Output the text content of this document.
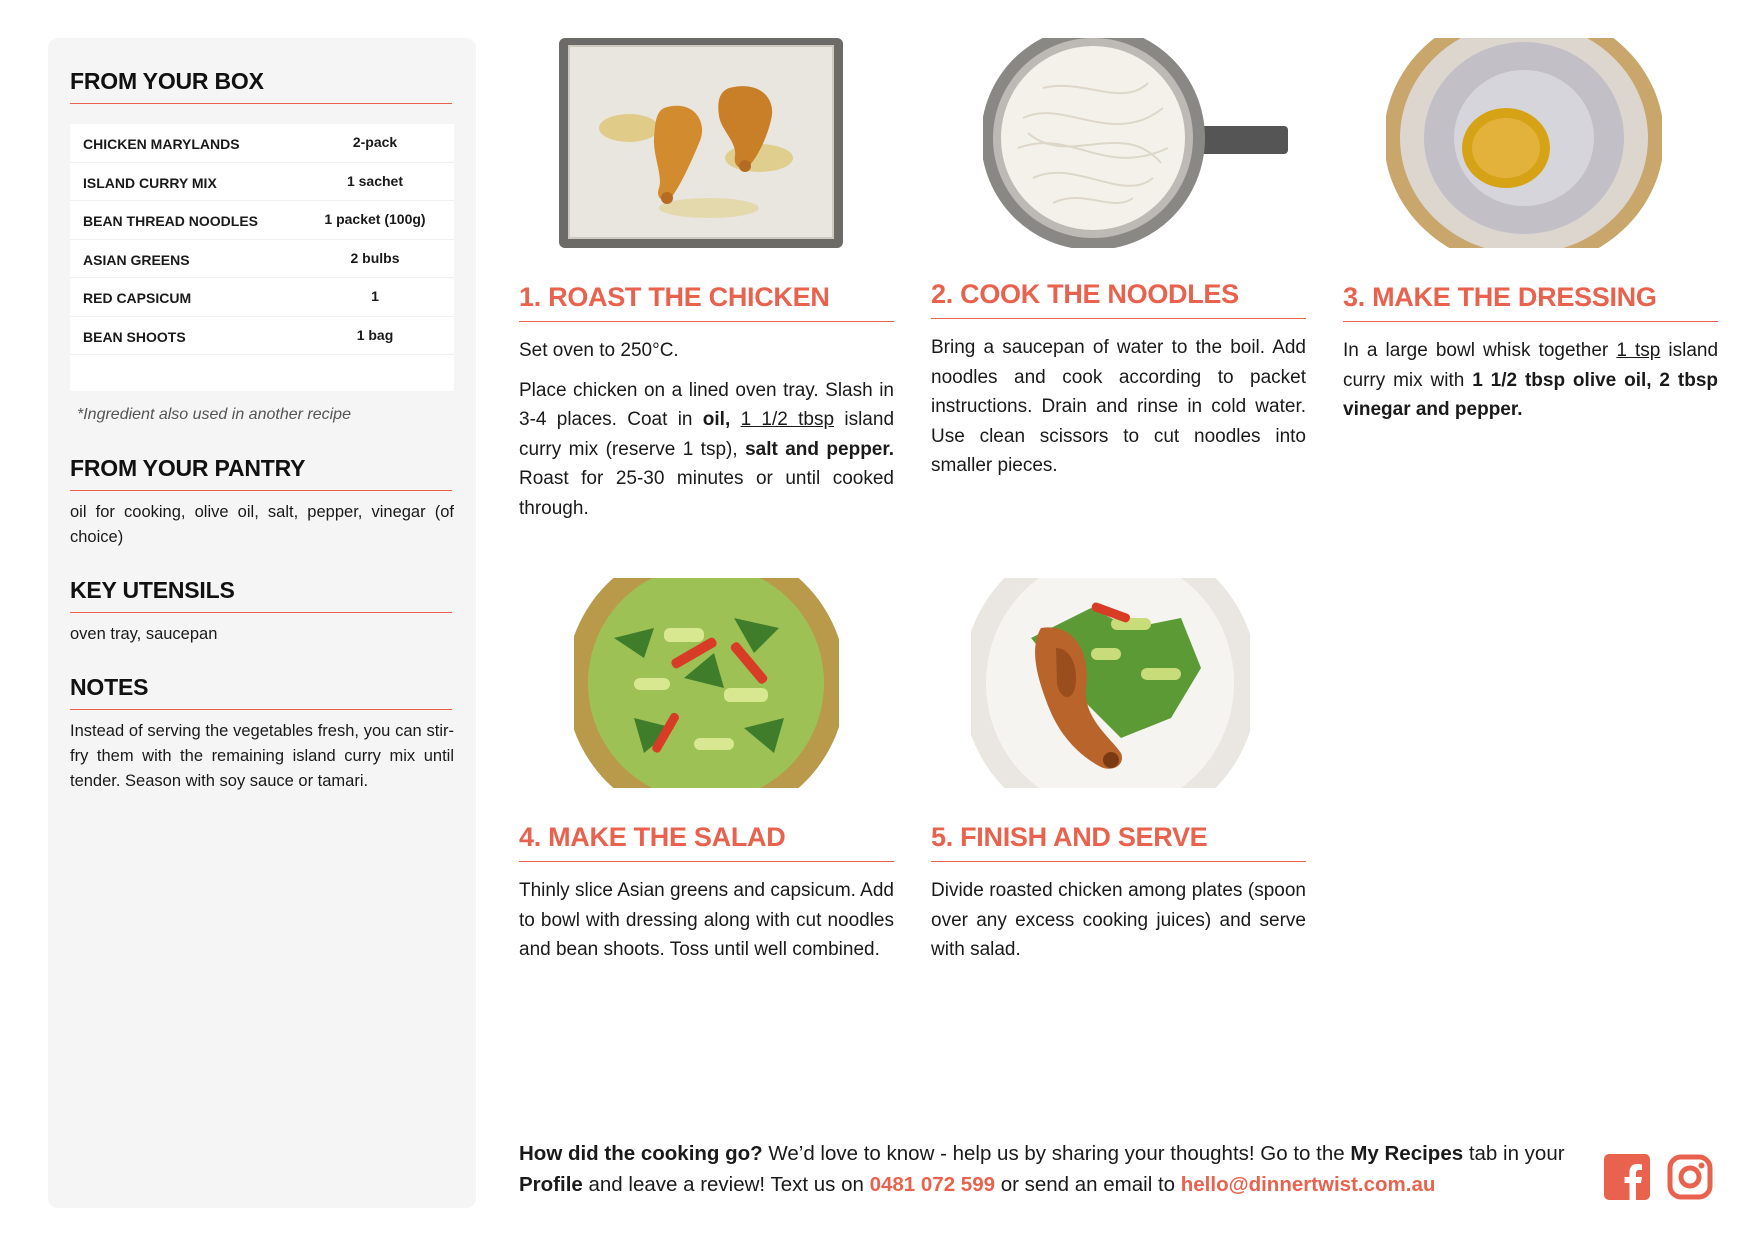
FROM YOUR BOX
CHICKEN MARYLANDS	2-pack
ISLAND CURRY MIX	1 sachet
BEAN THREAD NOODLES	1 packet (100g)
ASIAN GREENS	2 bulbs
RED CAPSICUM	1
BEAN SHOOTS	1 bag
*Ingredient also used in another recipe
FROM YOUR PANTRY
oil for cooking, olive oil, salt, pepper, vinegar (of choice)
KEY UTENSILS
oven tray, saucepan
NOTES
Instead of serving the vegetables fresh, you can stir-fry them with the remaining island curry mix until tender. Season with soy sauce or tamari.
1. ROAST THE CHICKEN

Set oven to 250°C.

Place chicken on a lined oven tray. Slash in 3-4 places. Coat in oil, 1 1/2 tbsp island curry mix (reserve 1 tsp), salt and pepper. Roast for 25-30 minutes or until cooked through.

2. COOK THE NOODLES
Bring a saucepan of water to the boil. Add noodles and cook according to packet instructions. Drain and rinse in cold water. Use clean scissors to cut noodles into smaller pieces.
3. MAKE THE DRESSING
In a large bowl whisk together 1 tsp island curry mix with 1 1/2 tbsp olive oil, 2 tbsp vinegar and pepper.
4. MAKE THE SALAD
Thinly slice Asian greens and capsicum. Add to bowl with dressing along with cut noodles and bean shoots. Toss until well combined.
5. FINISH AND SERVE
Divide roasted chicken among plates (spoon over any excess cooking juices) and serve with salad.
How did the cooking go? We’d love to know - help us by sharing your thoughts! Go to the My Recipes tab in your Profile and leave a review! Text us on 0481 072 599 or send an email to hello@dinnertwist.com.au
